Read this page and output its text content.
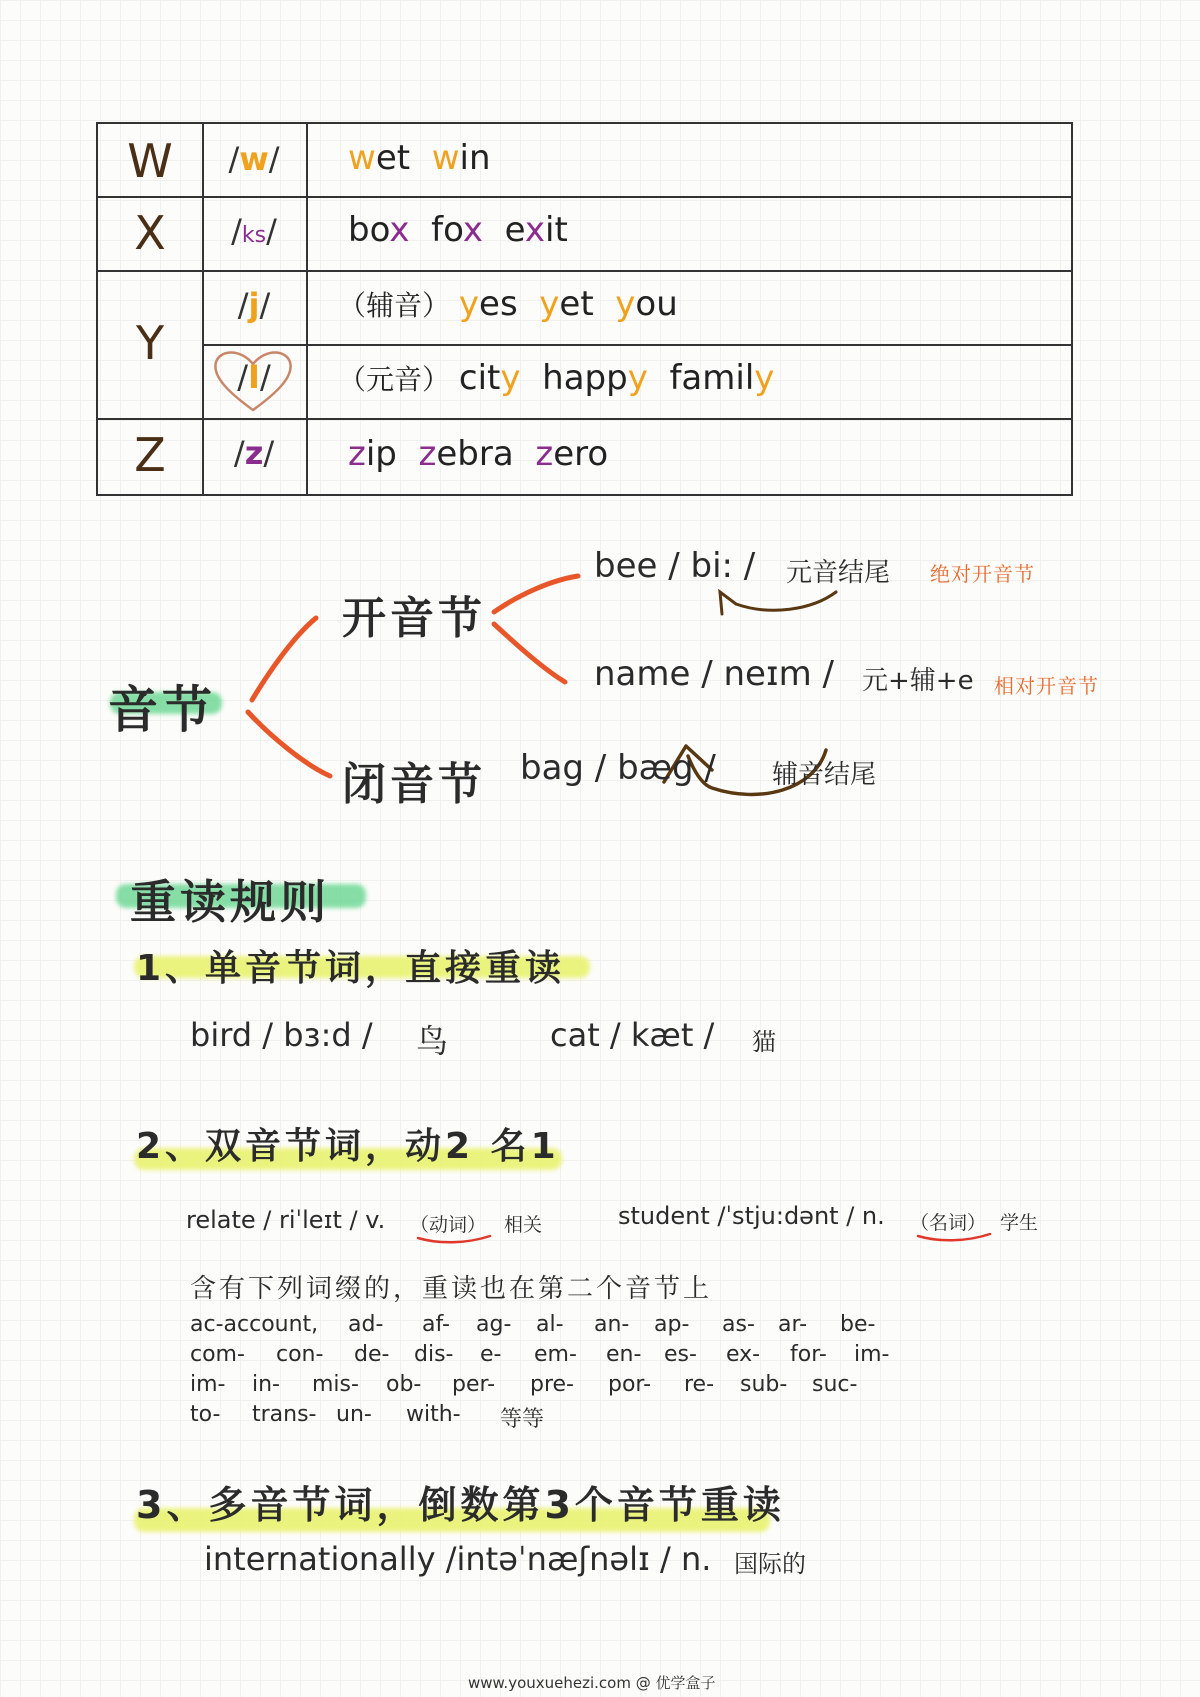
W
X
Y
Z
/w/
/ks/
/j/
/I/
/z/
wet win
box fox exit
（辅音） yes yet you
（元音） city happy family
zip zebra zero
音节
开音节
闭音节
bee / bi: / 元音结尾 绝对开音节
name / neɪm / 元+辅+e 相对开音节
bag / bæg / 辅音结尾
重读规则
1、单音节词，直接重读
bird / bɜ:d / 鸟	cat / kæt / 猫
2、双音节词，动2 名1
relate / riˈleɪt / v. （动词） 相关	student /ˈstju:dənt / n. （名词） 学生
含有下列词缀的，重读也在第二个音节上
ac-account, ad- af- ag- al- an- ap- as- ar- be-
com- con- de- dis- e- em- en- es- ex- for- im-
im- in- mis- ob- per- pre- por- re- sub- suc-
to- trans- un- with- 等等
3、多音节词，倒数第3个音节重读
internationally /intəˈnæʃnəlɪ / n. 国际的
www.youxuehezi.com @ 优学盒子
